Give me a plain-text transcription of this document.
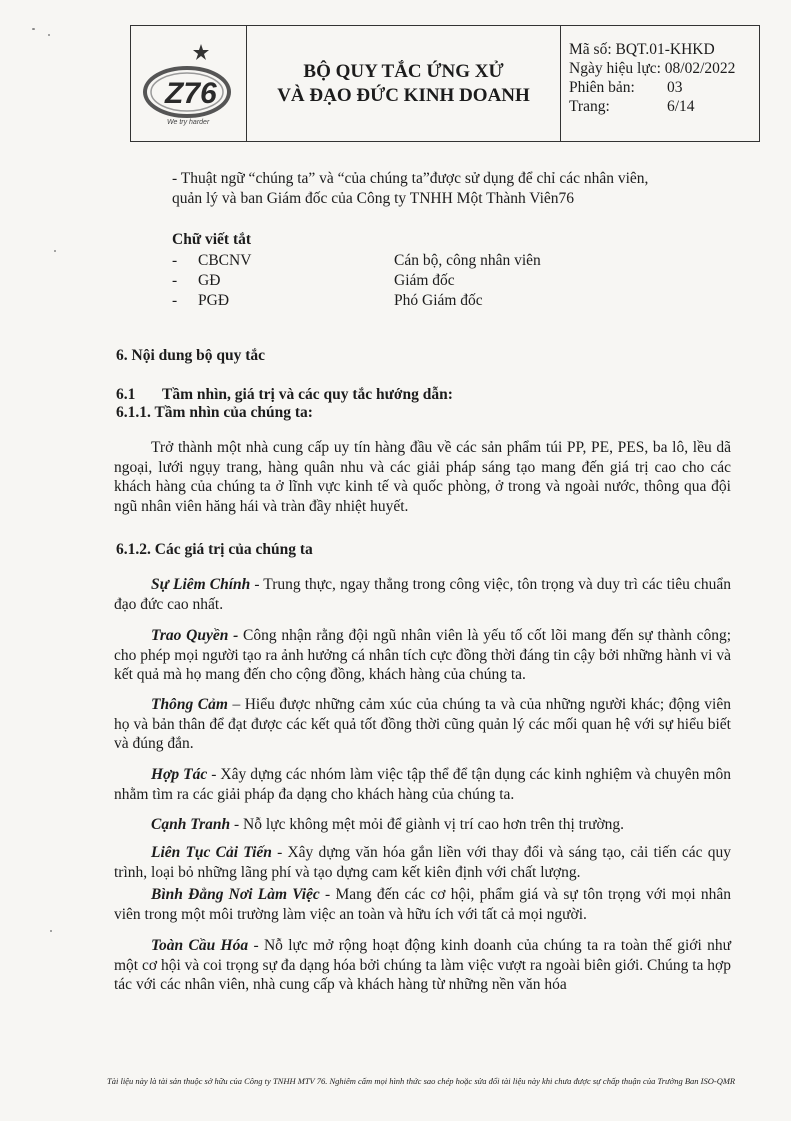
Z76
We try harder
BỘ QUY TẮC ỨNG XỬ
VÀ ĐẠO ĐỨC KINH DOANH
Mã số: BQT.01-KHKD
Ngày hiệu lực: 08/02/2022
Phiên bản:	03
Trang:	6/14
- Thuật ngữ “chúng ta” và “của chúng ta”được sử dụng để chỉ các nhân viên,
quản lý và ban Giám đốc của Công ty TNHH Một Thành Viên76
Chữ viết tắt
-	CBCNV	Cán bộ, công nhân viên
-	GĐ	Giám đốc
-	PGĐ	Phó Giám đốc
6. Nội dung bộ quy tắc
6.1 Tầm nhìn, giá trị và các quy tắc hướng dẫn:
6.1.1. Tầm nhìn của chúng ta:
Trở thành một nhà cung cấp uy tín hàng đầu về các sản phẩm túi PP, PE, PES, ba lô, lều dã ngoại, lưới ngụy trang, hàng quân nhu và các giải pháp sáng tạo mang đến giá trị cao cho các khách hàng của chúng ta ở lĩnh vực kinh tế và quốc phòng, ở trong và ngoài nước, thông qua đội ngũ nhân viên hăng hái và tràn đầy nhiệt huyết.
6.1.2. Các giá trị của chúng ta
Sự Liêm Chính - Trung thực, ngay thẳng trong công việc, tôn trọng và duy trì các tiêu chuẩn đạo đức cao nhất.
Trao Quyền - Công nhận rằng đội ngũ nhân viên là yếu tố cốt lõi mang đến sự thành công; cho phép mọi người tạo ra ảnh hưởng cá nhân tích cực đồng thời đáng tin cậy bởi những hành vi và kết quả mà họ mang đến cho cộng đồng, khách hàng của chúng ta.
Thông Cảm – Hiểu được những cảm xúc của chúng ta và của những người khác; động viên họ và bản thân để đạt được các kết quả tốt đồng thời cũng quản lý các mối quan hệ với sự hiểu biết và đúng đắn.
Hợp Tác - Xây dựng các nhóm làm việc tập thể để tận dụng các kinh nghiệm và chuyên môn nhằm tìm ra các giải pháp đa dạng cho khách hàng của chúng ta.
Cạnh Tranh - Nỗ lực không mệt mỏi để giành vị trí cao hơn trên thị trường.
Liên Tục Cải Tiến - Xây dựng văn hóa gắn liền với thay đổi và sáng tạo, cải tiến các quy trình, loại bỏ những lãng phí và tạo dựng cam kết kiên định với chất lượng.
Bình Đẳng Nơi Làm Việc - Mang đến các cơ hội, phẩm giá và sự tôn trọng với mọi nhân viên trong một môi trường làm việc an toàn và hữu ích với tất cả mọi người.
Toàn Cầu Hóa - Nỗ lực mở rộng hoạt động kinh doanh của chúng ta ra toàn thế giới như một cơ hội và coi trọng sự đa dạng hóa bởi chúng ta làm việc vượt ra ngoài biên giới. Chúng ta hợp tác với các nhân viên, nhà cung cấp và khách hàng từ những nền văn hóa
Tài liệu này là tài sản thuộc sở hữu của Công ty TNHH MTV 76. Nghiêm cấm mọi hình thức sao chép hoặc sửa đổi tài liệu này khi chưa được sự chấp thuận của Trưởng Ban ISO-QMR
